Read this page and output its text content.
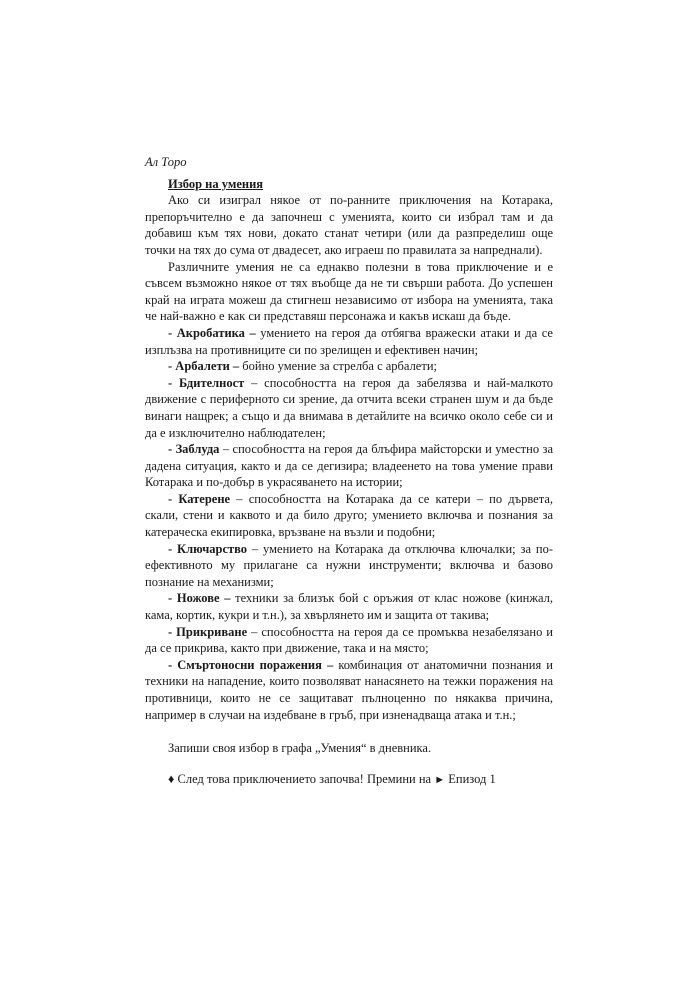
Ал Торо
Избор на умения

Ако си изиграл някое от по-ранните приключения на Котарака, препоръчително е да започнеш с уменията, които си избрал там и да добавиш към тях нови, докато станат четири (или да разпределиш още точки на тях до сума от двадесет, ако играеш по правилата за напреднали).

Различните умения не са еднакво полезни в това приключение и е съвсем възможно някое от тях въобще да не ти свърши работа. До успешен край на играта можеш да стигнеш независимо от избора на уменията, така че най-важно е как си представяш персонажа и какъв искаш да бъде.

- Акробатика – умението на героя да отбягва вражески атаки и да се изплъзва на противниците си по зрелищен и ефективен начин;
- Арбалети – бойно умение за стрелба с арбалети;
- Бдителност – способността на героя да забелязва и най-малкото движение с периферното си зрение, да отчита всеки странен шум и да бъде винаги нащрек; а също и да внимава в детайлите на всичко около себе си и да е изключително наблюдателен;
- Заблуда – способността на героя да блъфира майсторски и уместно за дадена ситуация, както и да се дегизира; владеенето на това умение прави Котарака и по-добър в украсяването на истории;
- Катерене – способността на Котарака да се катери – по дървета, скали, стени и каквото и да било друго; умението включва и познания за катераческа екипировка, връзване на възли и подобни;
- Ключарство – умението на Котарака да отключва ключалки; за по-ефективното му прилагане са нужни инструменти; включва и базово познание на механизми;
- Ножове – техники за близък бой с оръжия от клас ножове (кинжал, кама, кортик, кукри и т.н.), за хвърлянето им и защита от такива;
- Прикриване – способността на героя да се промъква незабелязано и да се прикрива, както при движение, така и на място;
- Смъртоносни поражения – комбинация от анатомични познания и техники на нападение, които позволяват нанасянето на тежки поражения на противници, които не се защитават пълноценно по някаква причина, например в случаи на издебване в гръб, при изненадваща атака и т.н.;

Запиши своя избор в графа „Умения“ в дневника.

♦ След това приключението започва! Премини на ► Епизод 1
